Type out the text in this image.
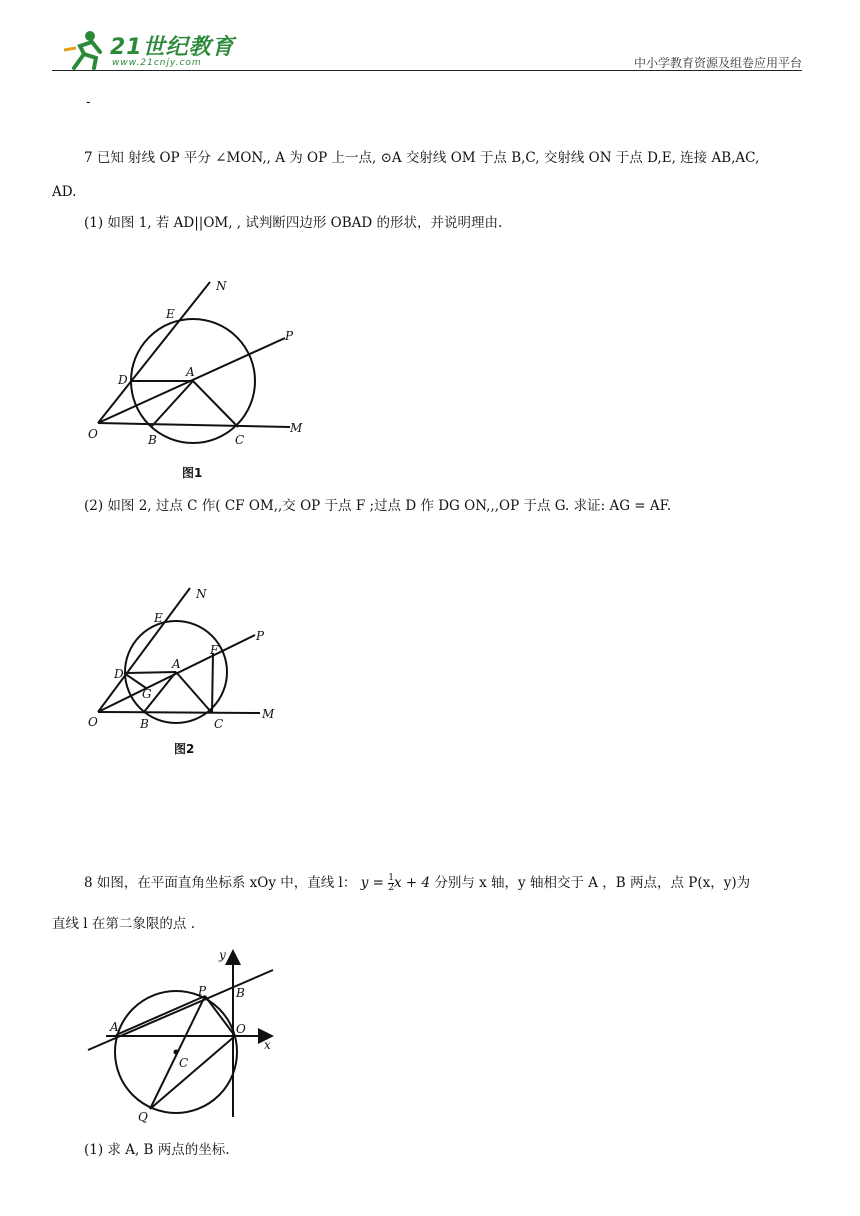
21世纪教育
www.21cnjy.com	中小学教育资源及组卷应用平台
-
7 已知 射线 OP 平分 ∠MON,, A 为 OP 上一点, ⊙A 交射线 OM 于点 B,C, 交射线 ON 于点 D,E, 连接 AB,AC,
AD.
(1) 如图 1, 若 AD||OM, , 试判断四边形 OBAD 的形状，并说明理由.
N
E
P
D
A
O	B	C
M
图1
(2) 如图 2, 过点 C 作( CF OM,,交 OP 于点 F ;过点 D 作 DG ON,,,OP 于点 G. 求证: AG = AF.
N
E
P
F
D
A
G
O	B	C
M
图2
8 如图，在平面直角坐标系 xOy 中，直线 l： $y = \frac{1}{2}$ x + 4 分别与 x 轴，y 轴相交于 A ，B 两点，点 P(x，y)为
直线 l 在第二象限的点 .
y
P B
A	O
x
C
Q
(1) 求 A, B 两点的坐标.
